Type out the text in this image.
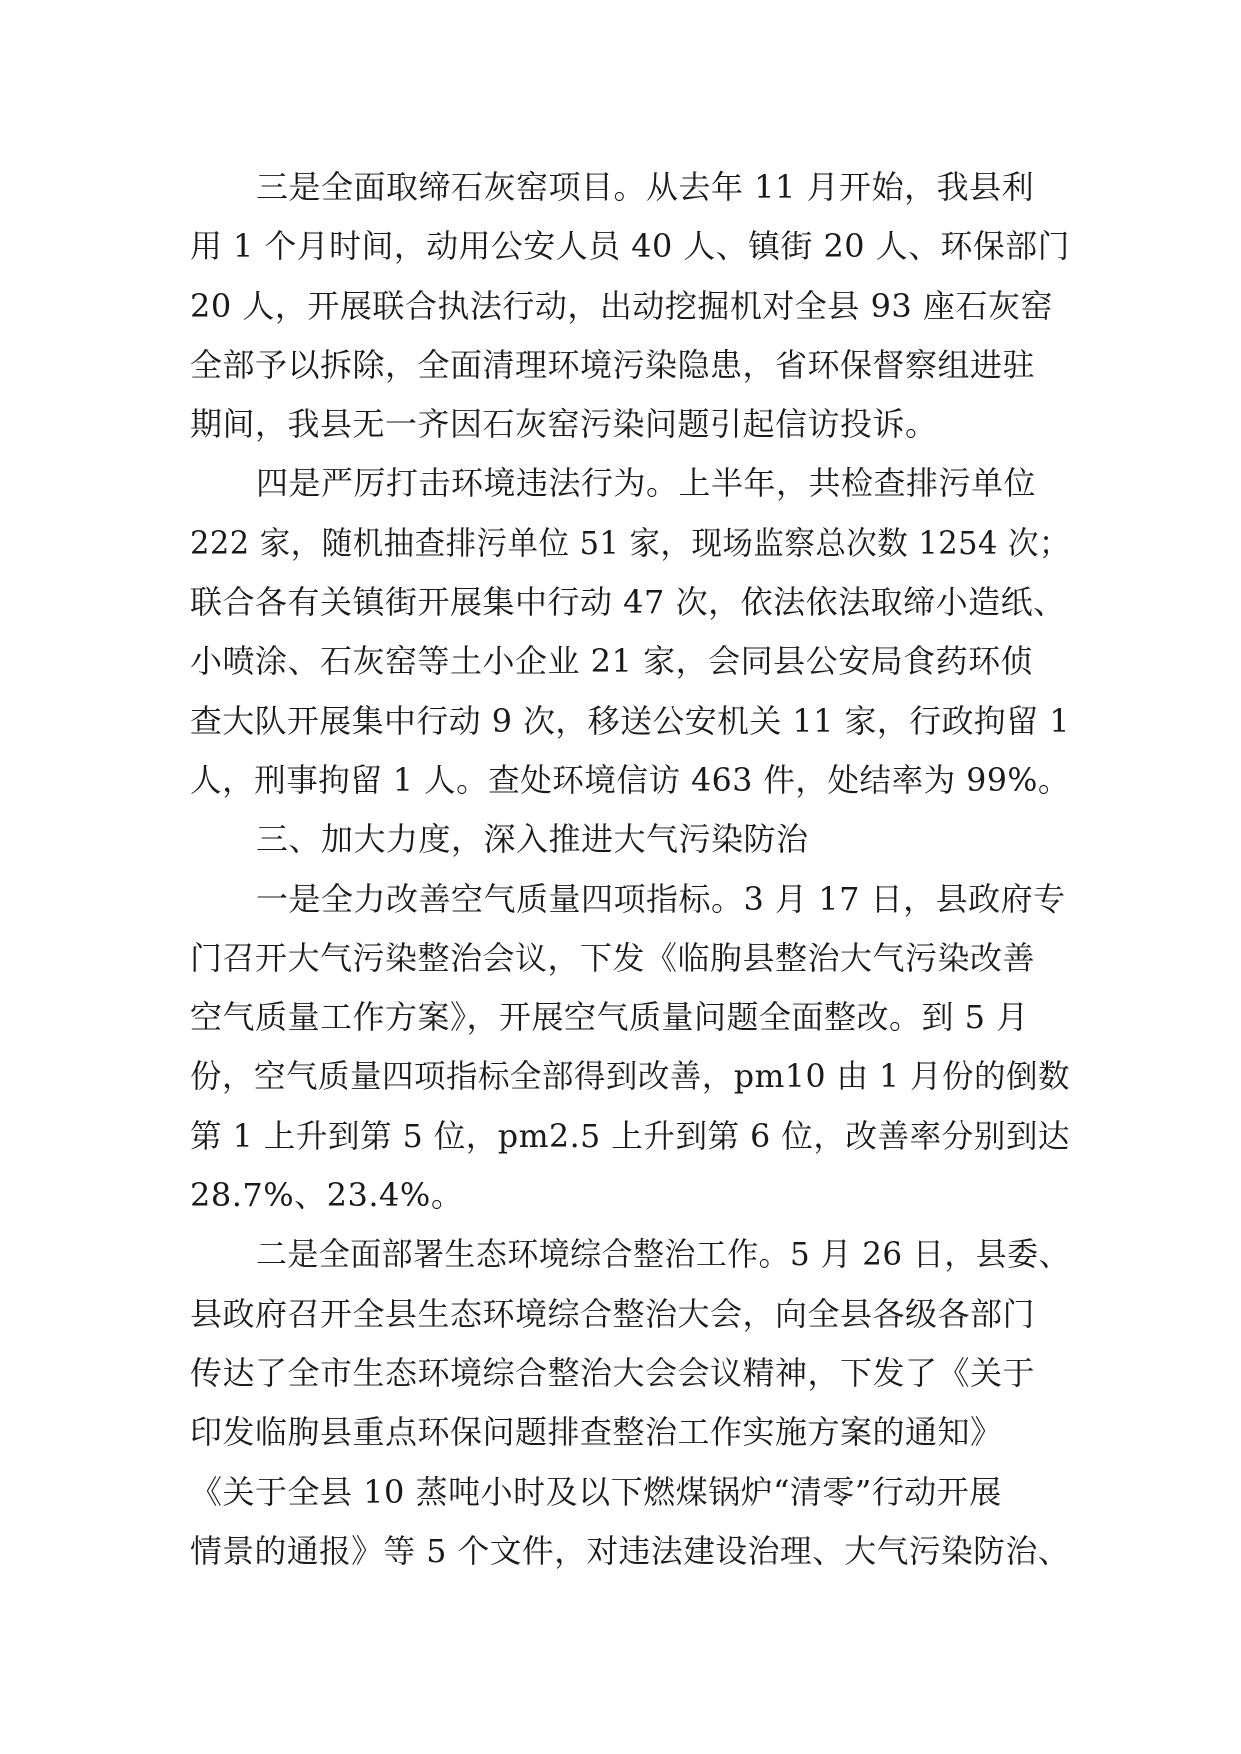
三是全面取缔石灰窑项目。从去年 11 月开始，我县利
用 1 个月时间，动用公安人员 40 人、镇街 20 人、环保部门
20 人，开展联合执法行动，出动挖掘机对全县 93 座石灰窑
全部予以拆除，全面清理环境污染隐患，省环保督察组进驻
期间，我县无一齐因石灰窑污染问题引起信访投诉。
四是严厉打击环境违法行为。上半年，共检查排污单位
222 家，随机抽查排污单位 51 家，现场监察总次数 1254 次；
联合各有关镇街开展集中行动 47 次，依法依法取缔小造纸、
小喷涂、石灰窑等土小企业 21 家，会同县公安局食药环侦
查大队开展集中行动 9 次，移送公安机关 11 家，行政拘留 1
人，刑事拘留 1 人。查处环境信访 463 件，处结率为 99%。
三、加大力度，深入推进大气污染防治
一是全力改善空气质量四项指标。3 月 17 日，县政府专
门召开大气污染整治会议，下发《临朐县整治大气污染改善
空气质量工作方案》，开展空气质量问题全面整改。到 5 月
份，空气质量四项指标全部得到改善，pm10 由 1 月份的倒数
第 1 上升到第 5 位，pm2.5 上升到第 6 位，改善率分别到达
28.7%、23.4%。
二是全面部署生态环境综合整治工作。5 月 26 日，县委、
县政府召开全县生态环境综合整治大会，向全县各级各部门
传达了全市生态环境综合整治大会会议精神，下发了《关于
印发临朐县重点环保问题排查整治工作实施方案的通知》
《关于全县 10 蒸吨小时及以下燃煤锅炉“清零”行动开展
情景的通报》等 5 个文件，对违法建设治理、大气污染防治、
